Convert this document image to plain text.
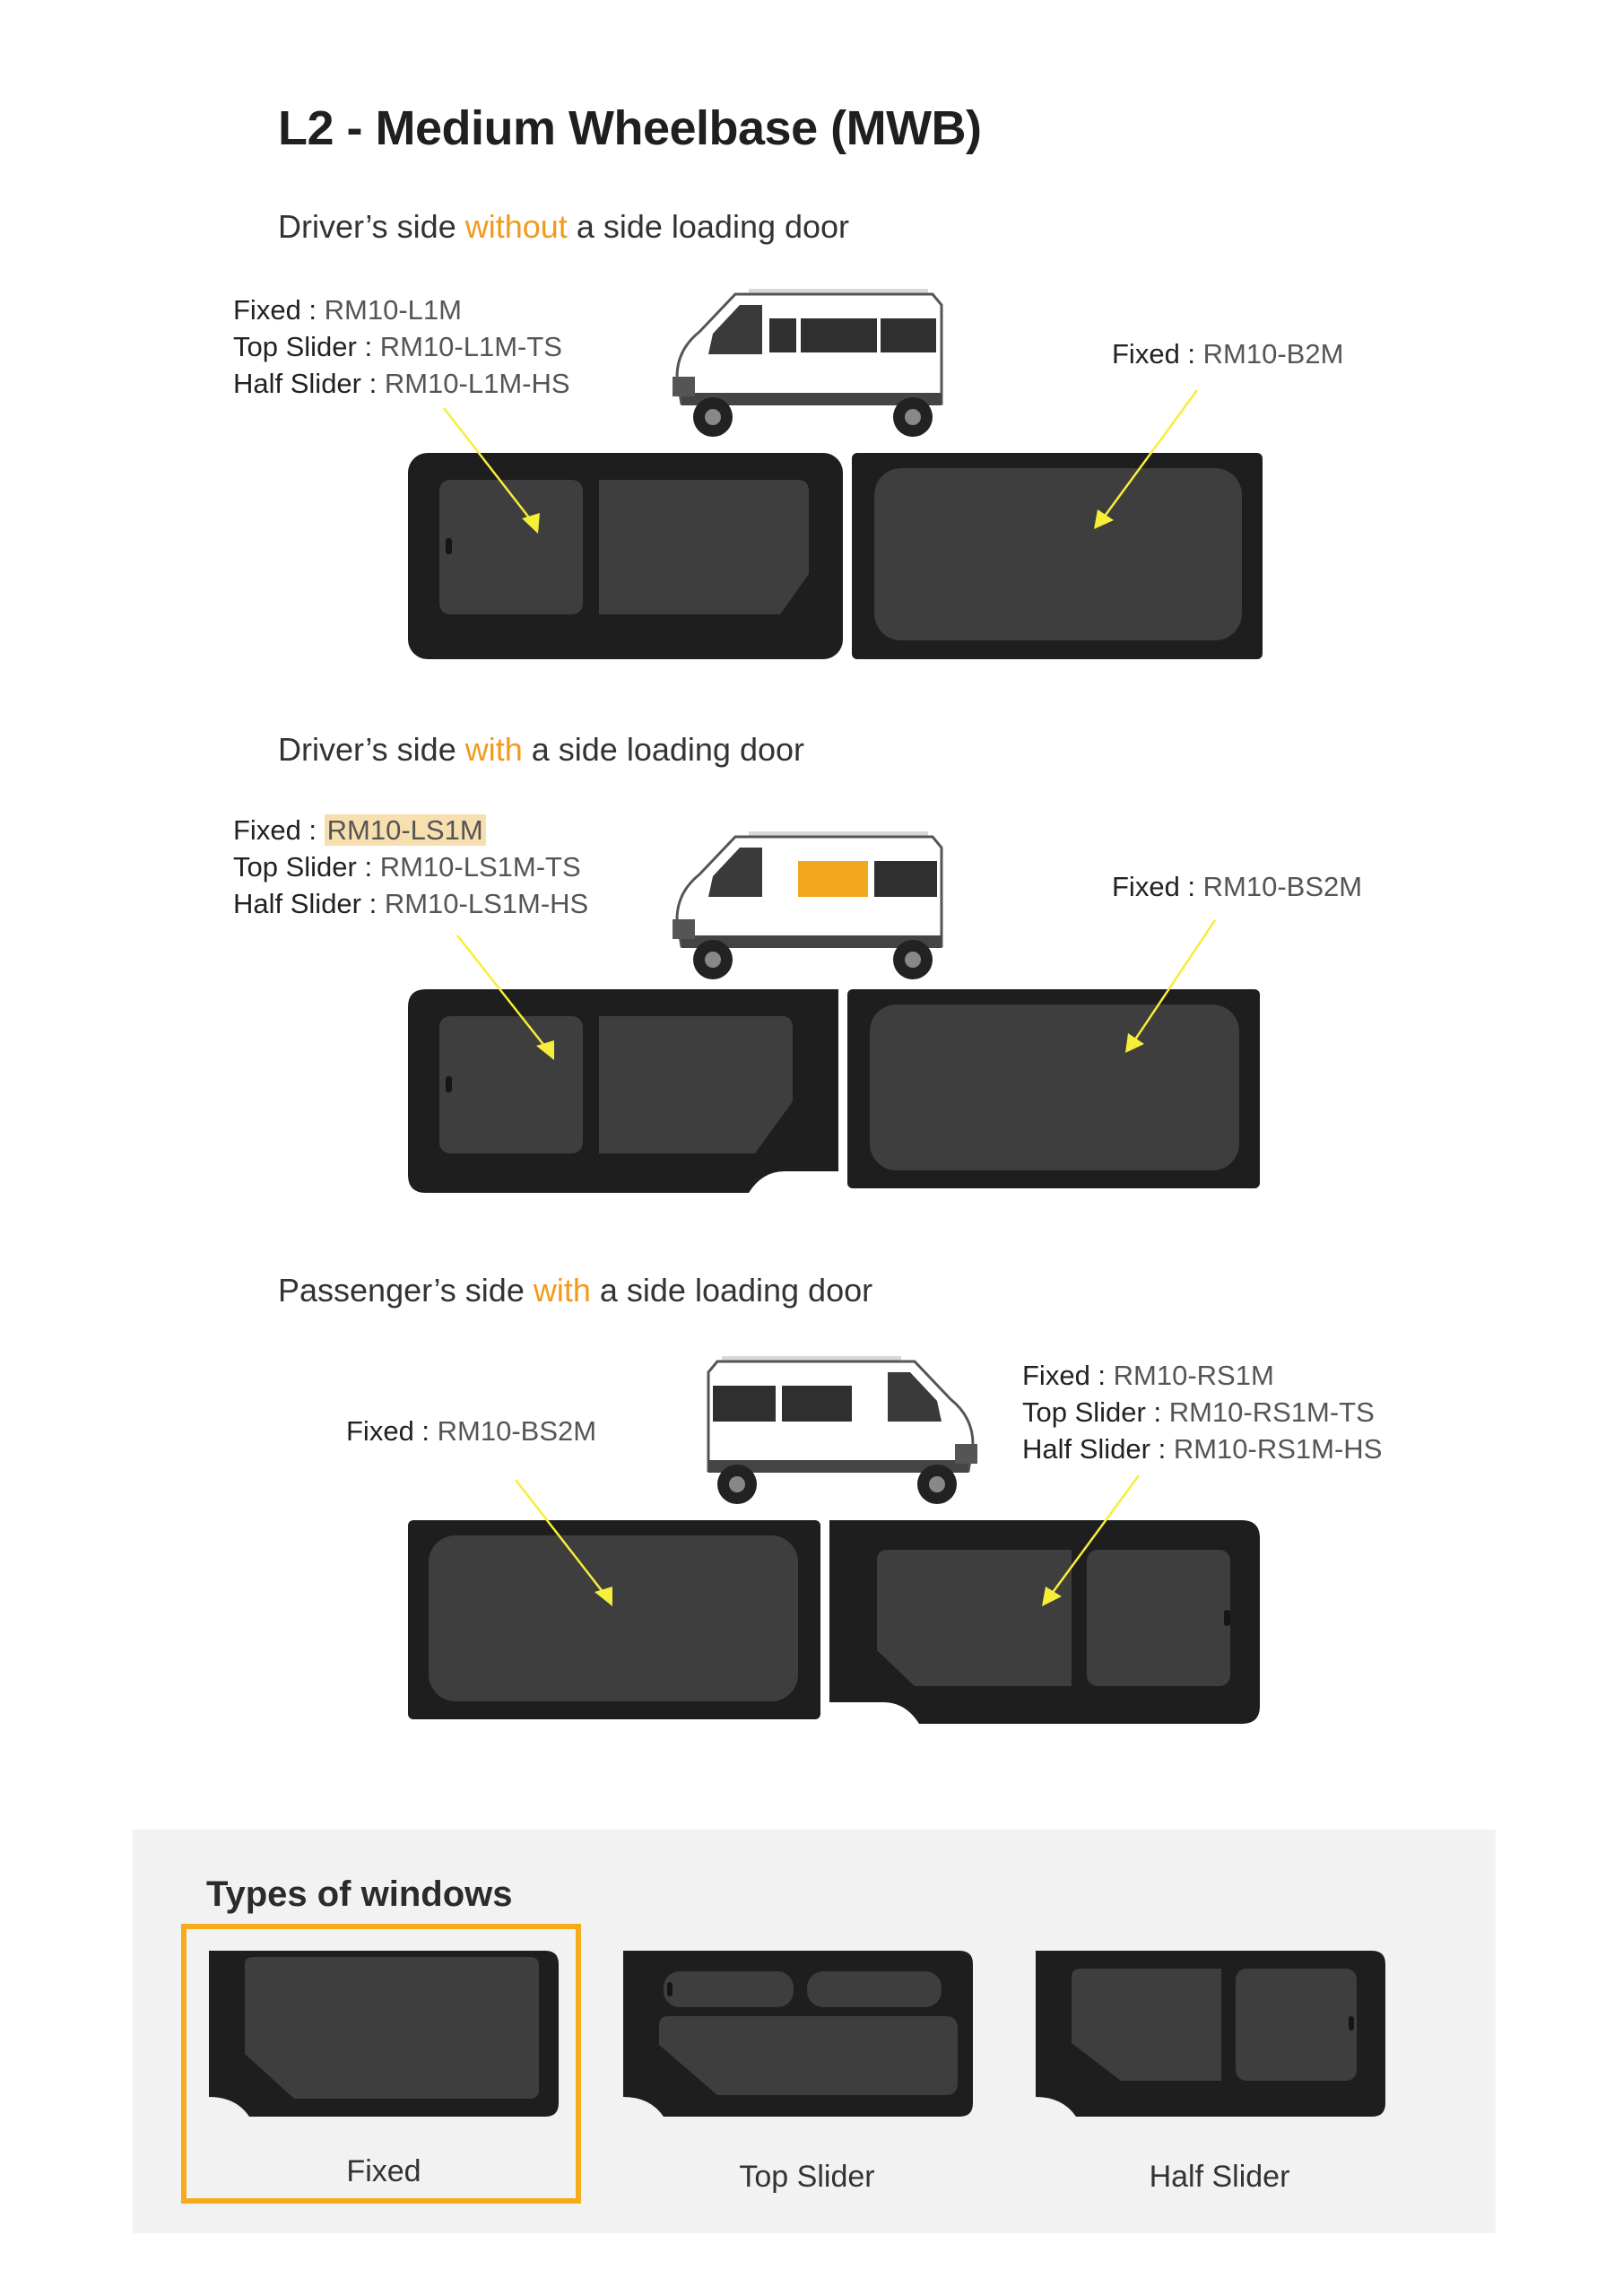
L2 - Medium Wheelbase (MWB)
Driver’s side without a side loading door
Fixed : RM10-L1M
Top Slider : RM10-L1M-TS
Half Slider : RM10-L1M-HS
Fixed : RM10-B2M
Driver’s side with a side loading door
Fixed : RM10-LS1M
Top Slider : RM10-LS1M-TS
Half Slider : RM10-LS1M-HS
Fixed : RM10-BS2M
Passenger’s side with a side loading door
Fixed : RM10-BS2M
Fixed : RM10-RS1M
Top Slider : RM10-RS1M-TS
Half Slider : RM10-RS1M-HS
Types of windows
Fixed	Top Slider	Half Slider
